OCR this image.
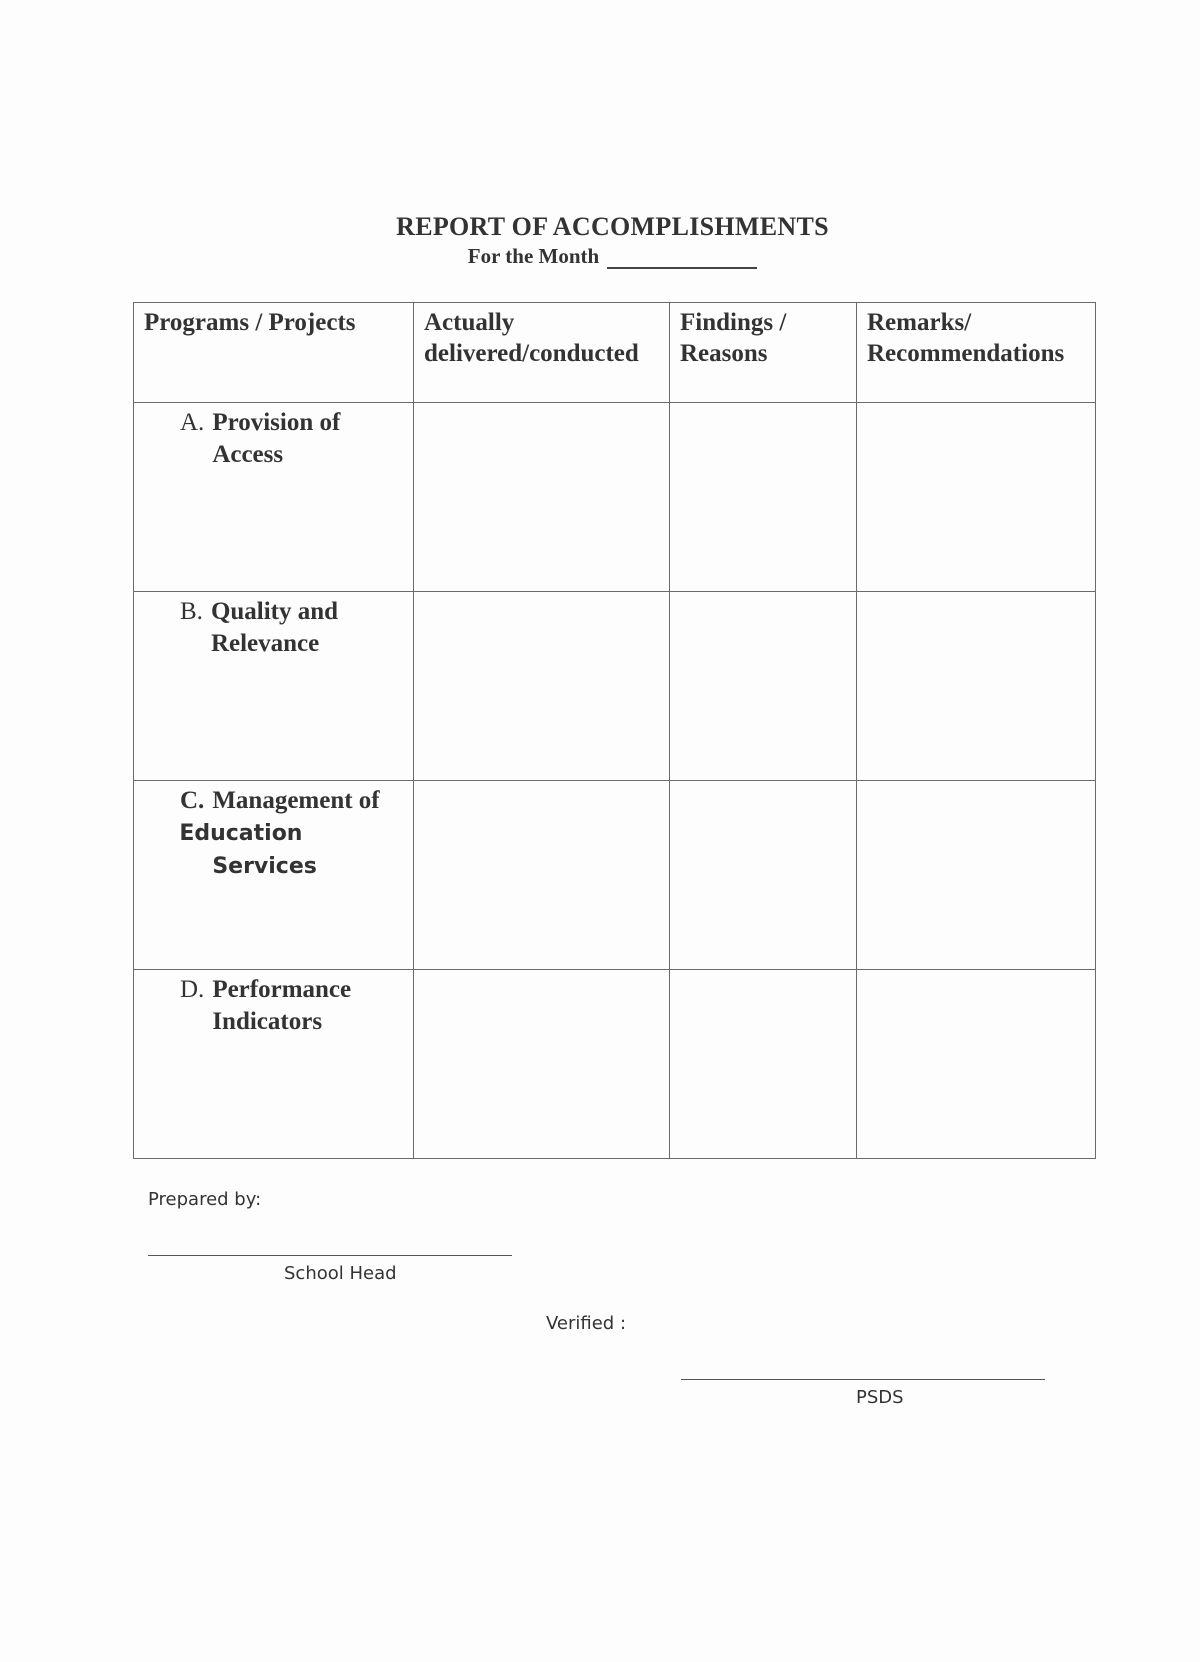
REPORT OF ACCOMPLISHMENTS
For the Month
Programs / Projects	Actually delivered/conducted	Findings / Reasons	Remarks/ Recommendations

A. Provision of Access			

B. Quality and Relevance			

C. Management of
Education Services			

D. Performance Indicators			

Prepared by:
School Head
Verified :
PSDS
